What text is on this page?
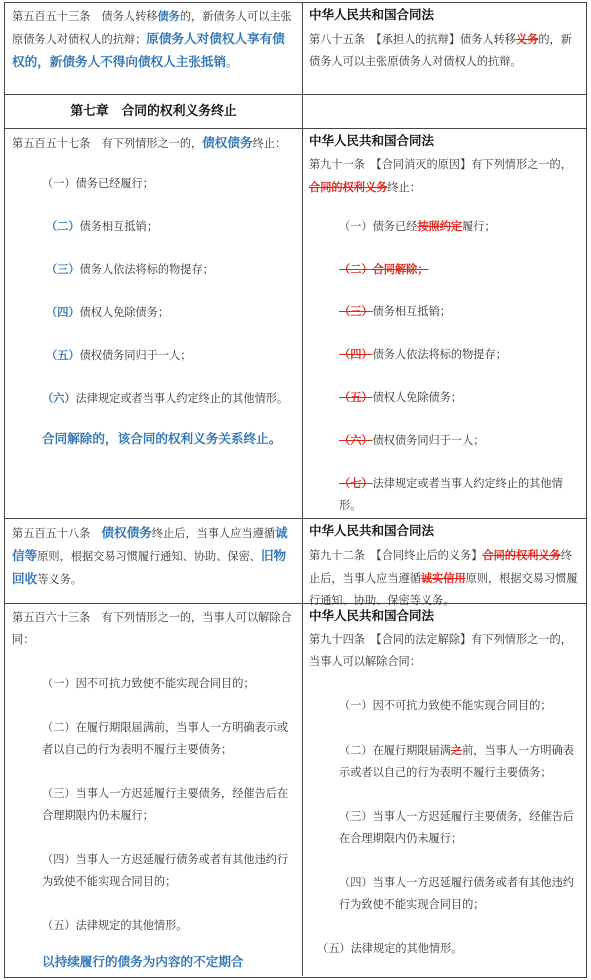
第五百五十三条　债务人转移债务的，新债务人可以主张原债务人对债权人的抗辩；原债务人对债权人享有债权的，新债务人不得向债权人主张抵销。

中华人民共和国合同法

第八十五条　【承担人的抗辩】债务人转移义务的，新债务人可以主张原债务人对债权人的抗辩。

第七章　合同的权利义务终止

第五百五十七条　有下列情形之一的，债权债务终止：

（一）债务已经履行；

（二）债务相互抵销；

（三）债务人依法将标的物提存；

（四）债权人免除债务；

（五）债权债务同归于一人；

（六）法律规定或者当事人约定终止的其他情形。

合同解除的，该合同的权利义务关系终止。

中华人民共和国合同法

第九十一条　【合同消灭的原因】有下列情形之一的，合同的权利义务终止：

（一）债务已经按照约定履行；

（二）合同解除；

（三）债务相互抵销；

（四）债务人依法将标的物提存；

（五）债权人免除债务；

（六）债权债务同归于一人；

（七）法律规定或者当事人约定终止的其他情形。

第五百五十八条　债权债务终止后，当事人应当遵循诚信等原则，根据交易习惯履行通知、协助、保密、旧物回收等义务。

中华人民共和国合同法

第九十二条　【合同终止后的义务】合同的权利义务终止后，当事人应当遵循诚实信用原则，根据交易习惯履行通知、协助、保密等义务。

第五百六十三条　有下列情形之一的，当事人可以解除合同：

（一）因不可抗力致使不能实现合同目的；

（二）在履行期限届满前，当事人一方明确表示或者以自己的行为表明不履行主要债务；

（三）当事人一方迟延履行主要债务，经催告后在合理期限内仍未履行；

（四）当事人一方迟延履行债务或者有其他违约行为致使不能实现合同目的；

（五）法律规定的其他情形。

以持续履行的债务为内容的不定期合

中华人民共和国合同法

第九十四条　【合同的法定解除】有下列情形之一的，当事人可以解除合同：

（一）因不可抗力致使不能实现合同目的；

（二）在履行期限届满之前，当事人一方明确表示或者以自己的行为表明不履行主要债务；

（三）当事人一方迟延履行主要债务，经催告后在合理期限内仍未履行；

（四）当事人一方迟延履行债务或者有其他违约行为致使不能实现合同目的；

（五）法律规定的其他情形。
